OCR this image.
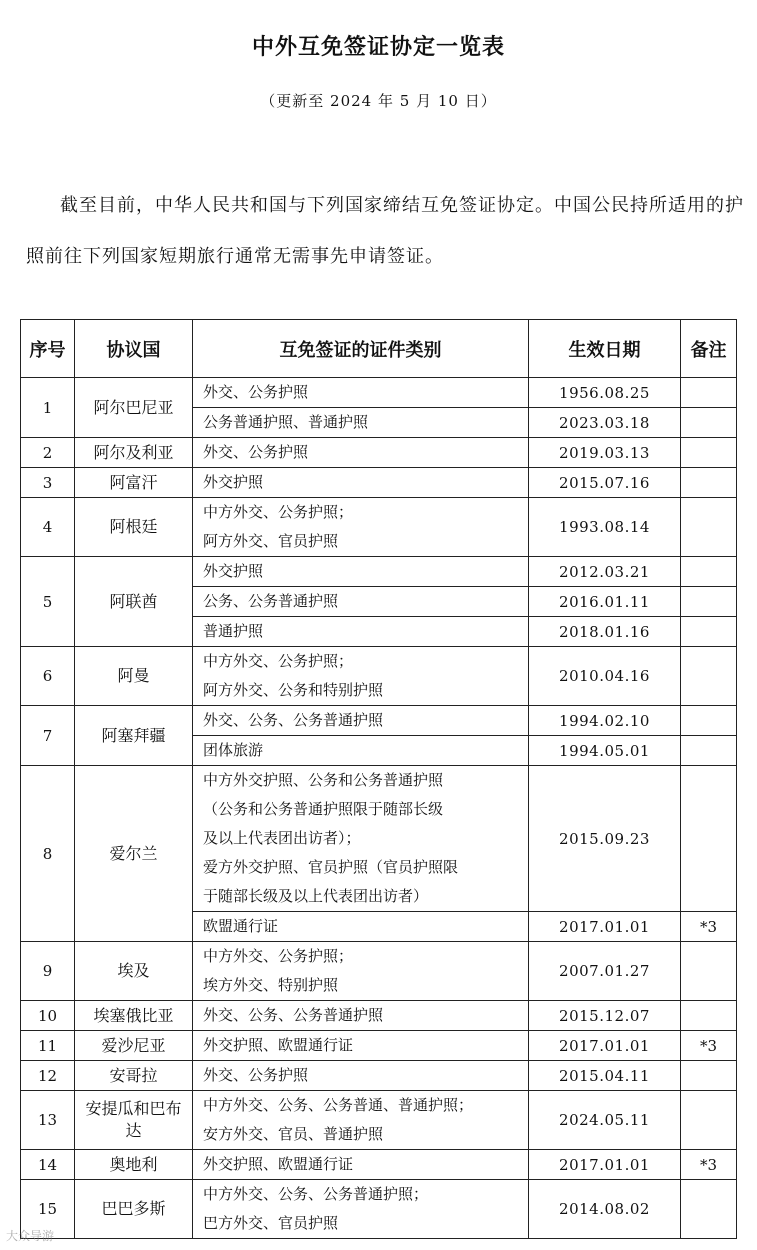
中外互免签证协定一览表
（更新至 2024 年 5 月 10 日）
截至目前，中华人民共和国与下列国家缔结互免签证协定。中国公民持所适用的护照前往下列国家短期旅行通常无需事先申请签证。
序号	协议国	互免签证的证件类别	生效日期	备注
1	阿尔巴尼亚	外交、公务护照	1956.08.25	

		公务普通护照、普通护照	2023.03.18	
2	阿尔及利亚	外交、公务护照	2019.03.13	
3	阿富汗	外交护照	2015.07.16	
4	阿根廷	中方外交、公务护照；
阿方外交、官员护照	1993.08.14	
5	阿联酋	外交护照	2012.03.21	

		公务、公务普通护照	2016.01.11	

		普通护照	2018.01.16	
6	阿曼	中方外交、公务护照；
阿方外交、公务和特别护照	2010.04.16	
7	阿塞拜疆	外交、公务、公务普通护照	1994.02.10	

		团体旅游	1994.05.01	
8	爱尔兰	中方外交护照、公务和公务普通护照
（公务和公务普通护照限于随部长级
及以上代表团出访者）；
爱方外交护照、官员护照（官员护照限
于随部长级及以上代表团出访者）	2015.09.23	

		欧盟通行证	2017.01.01	*3
9	埃及	中方外交、公务护照；
埃方外交、特别护照	2007.01.27	
10	埃塞俄比亚	外交、公务、公务普通护照	2015.12.07	
11	爱沙尼亚	外交护照、欧盟通行证	2017.01.01	*3
12	安哥拉	外交、公务护照	2015.04.11	
13	安提瓜和巴布达	中方外交、公务、公务普通、普通护照；
安方外交、官员、普通护照	2024.05.11	
14	奥地利	外交护照、欧盟通行证	2017.01.01	*3
15	巴巴多斯	中方外交、公务、公务普通护照；
巴方外交、官员护照	2014.08.02	
大众导游
